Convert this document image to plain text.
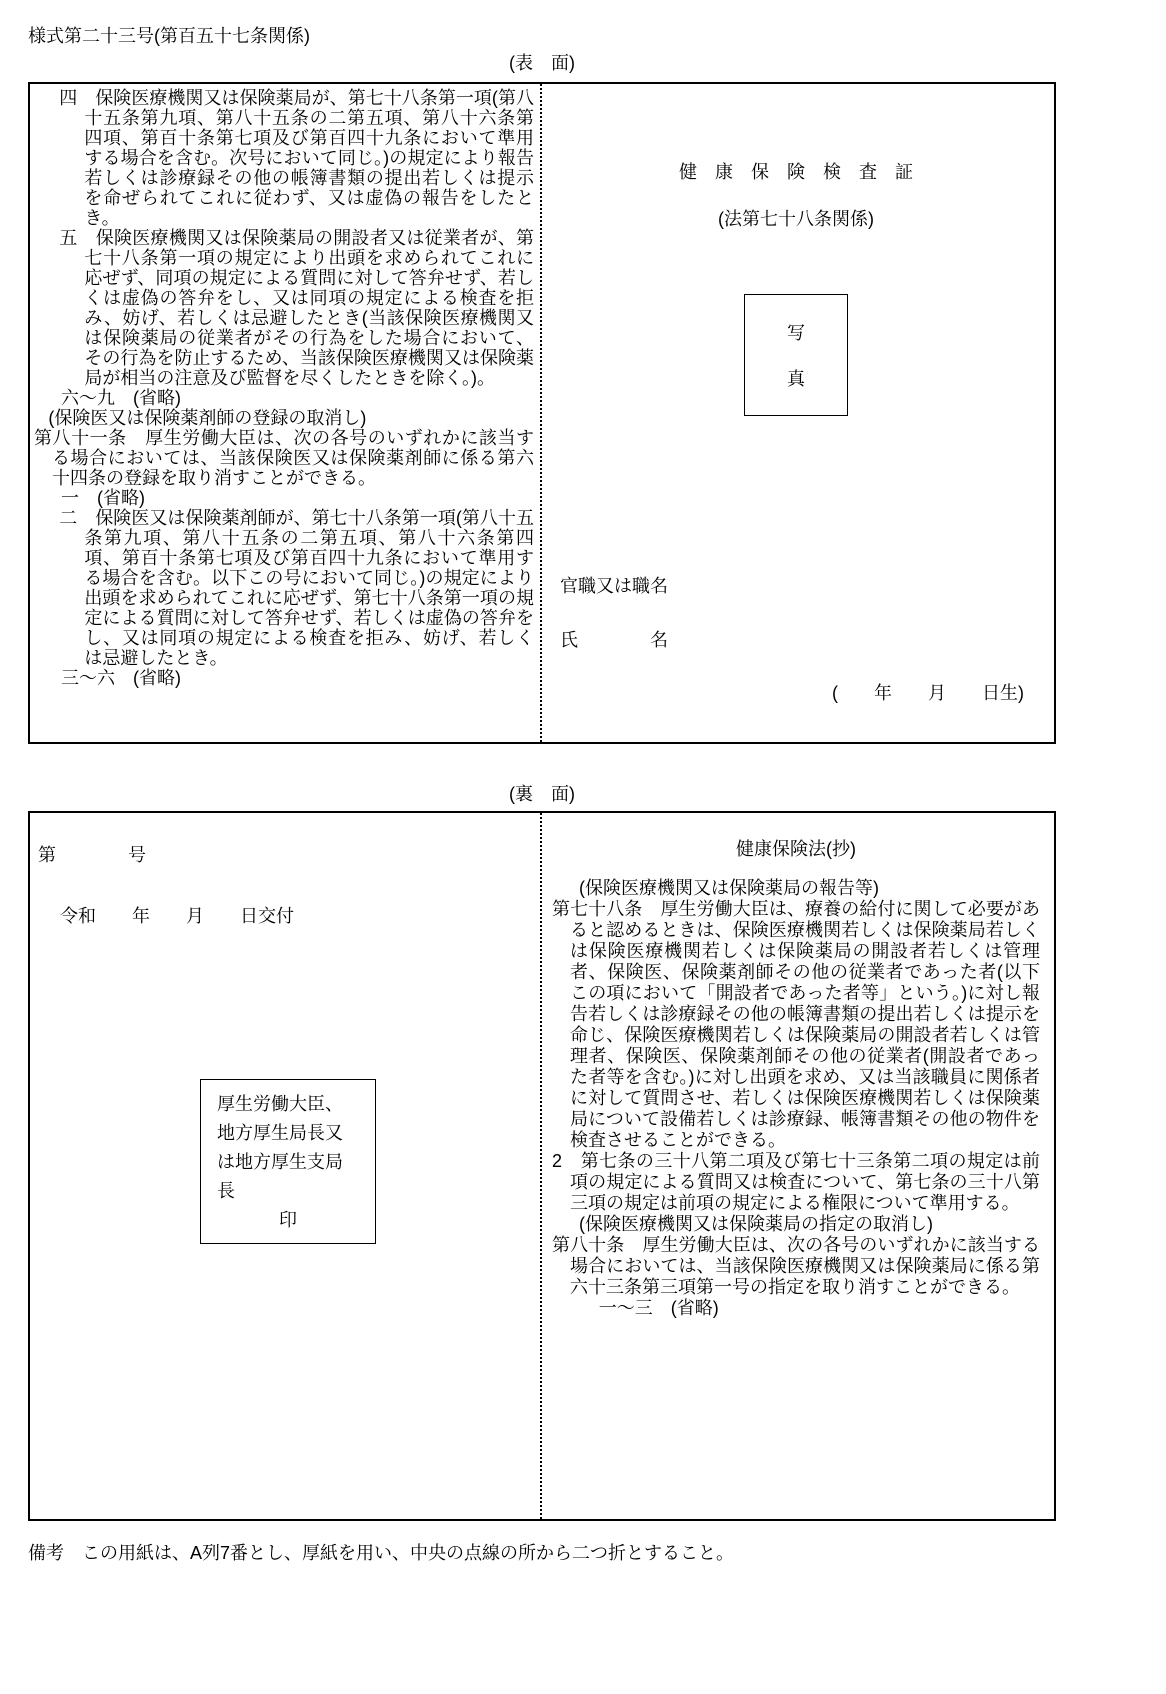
様式第二十三号(第百五十七条関係)
(表　面)

四　保険医療機関又は保険薬局が、第七十八条第一項(第八十五条第九項、第八十五条の二第五項、第八十六条第四項、第百十条第七項及び第百四十九条において準用する場合を含む。次号において同じ。)の規定により報告若しくは診療録その他の帳簿書類の提出若しくは提示を命ぜられてこれに従わず、又は虚偽の報告をしたとき。

五　保険医療機関又は保険薬局の開設者又は従業者が、第七十八条第一項の規定により出頭を求められてこれに応ぜず、同項の規定による質問に対して答弁せず、若しくは虚偽の答弁をし、又は同項の規定による検査を拒み、妨げ、若しくは忌避したとき(当該保険医療機関又は保険薬局の従業者がその行為をした場合において、その行為を防止するため、当該保険医療機関又は保険薬局が相当の注意及び監督を尽くしたときを除く。)。

六～九　(省略)

(保険医又は保険薬剤師の登録の取消し)

第八十一条　厚生労働大臣は、次の各号のいずれかに該当する場合においては、当該保険医又は保険薬剤師に係る第六十四条の登録を取り消すことができる。

一　(省略)

二　保険医又は保険薬剤師が、第七十八条第一項(第八十五条第九項、第八十五条の二第五項、第八十六条第四項、第百十条第七項及び第百四十九条において準用する場合を含む。以下この号において同じ。)の規定により出頭を求められてこれに応ぜず、第七十八条第一項の規定による質問に対して答弁せず、若しくは虚偽の答弁をし、又は同項の規定による検査を拒み、妨げ、若しくは忌避したとき。

三～六　(省略)

健　康　保　険　検　査　証
(法第七十八条関係)
写
真
官職又は職名
氏　　　　名
(　　年　　月　　日生)
(裏　面)
第　　　　号
令和　　年　　月　　日交付
厚生労働大臣、地方厚生局長又は地方厚生支局長
印
健康保険法(抄)

(保険医療機関又は保険薬局の報告等)

第七十八条　厚生労働大臣は、療養の給付に関して必要があると認めるときは、保険医療機関若しくは保険薬局若しくは保険医療機関若しくは保険薬局の開設者若しくは管理者、保険医、保険薬剤師その他の従業者であった者(以下この項において「開設者であった者等」という。)に対し報告若しくは診療録その他の帳簿書類の提出若しくは提示を命じ、保険医療機関若しくは保険薬局の開設者若しくは管理者、保険医、保険薬剤師その他の従業者(開設者であった者等を含む。)に対し出頭を求め、又は当該職員に関係者に対して質問させ、若しくは保険医療機関若しくは保険薬局について設備若しくは診療録、帳簿書類その他の物件を検査させることができる。

2　第七条の三十八第二項及び第七十三条第二項の規定は前項の規定による質問又は検査について、第七条の三十八第三項の規定は前項の規定による権限について準用する。

(保険医療機関又は保険薬局の指定の取消し)

第八十条　厚生労働大臣は、次の各号のいずれかに該当する場合においては、当該保険医療機関又は保険薬局に係る第六十三条第三項第一号の指定を取り消すことができる。

一～三　(省略)

備考　この用紙は、A列7番とし、厚紙を用い、中央の点線の所から二つ折とすること。
